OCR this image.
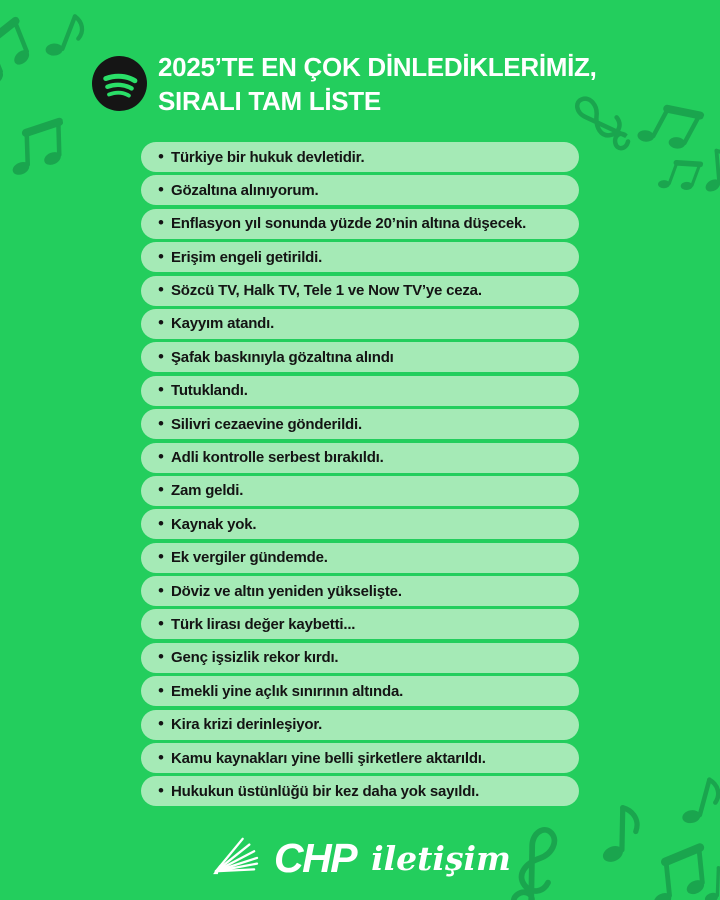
2025’TE EN ÇOK DİNLEDİKLERİMİZ,
SIRALI TAM LİSTE
• Türkiye bir hukuk devletidir.
• Gözaltına alınıyorum.
• Enflasyon yıl sonunda yüzde 20’nin altına düşecek.
• Erişim engeli getirildi.
• Sözcü TV, Halk TV, Tele 1 ve Now TV’ye ceza.
• Kayyım atandı.
• Şafak baskınıyla gözaltına alındı
• Tutuklandı.
• Silivri cezaevine gönderildi.
• Adli kontrolle serbest bırakıldı.
• Zam geldi.
• Kaynak yok.
• Ek vergiler gündemde.
• Döviz ve altın yeniden yükselişte.
• Türk lirası değer kaybetti...
• Genç işsizlik rekor kırdı.
• Emekli yine açlık sınırının altında.
• Kira krizi derinleşiyor.
• Kamu kaynakları yine belli şirketlere aktarıldı.
• Hukukun üstünlüğü bir kez daha yok sayıldı.
CHP iletişim
